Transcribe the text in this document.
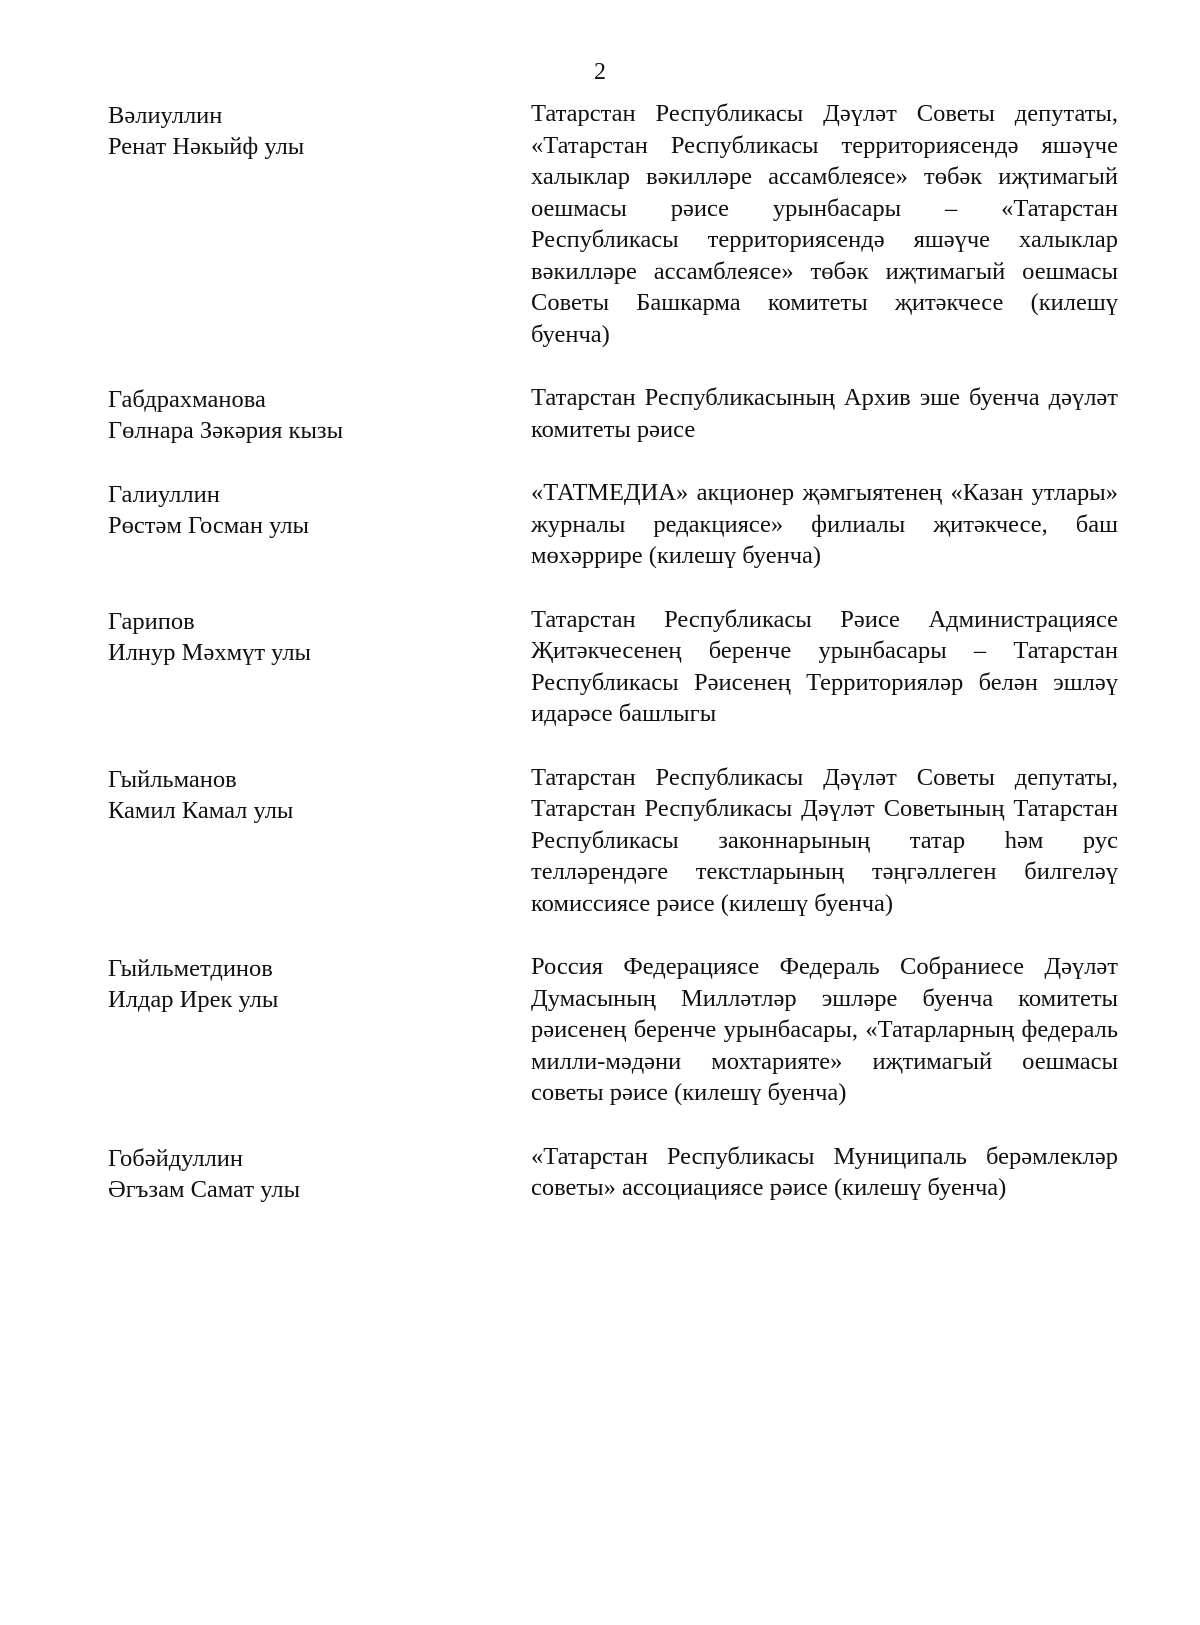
2
Вәлиуллин
Ренат Нәкыйф улы
Татарстан Республикасы Дәүләт Советы депутаты, «Татарстан Республикасы территориясендә яшәүче халыклар вәкилләре ассамблеясе» төбәк иҗтимагый оешмасы рәисе урынбасары – «Татарстан Республикасы территориясендә яшәүче халыклар вәкилләре ассамблеясе» төбәк иҗтимагый оешмасы Советы Башкарма комитеты җитәкчесе (килешү буенча)
Габдрахманова
Гөлнара Зәкәрия кызы
Татарстан Республикасының Архив эше буенча дәүләт комитеты рәисе
Галиуллин
Рөстәм Госман улы
«ТАТМЕДИА» акционер җәмгыятенең «Казан утлары» журналы редакциясе» филиалы җитәкчесе, баш мөхәррире (килешү буенча)
Гарипов
Илнур Мәхмүт улы
Татарстан Республикасы Рәисе Администрациясе Җитәкчесенең беренче урынбасары – Татарстан Республикасы Рәисенең Территорияләр белән эшләү идарәсе башлыгы
Гыйльманов
Камил Камал улы
Татарстан Республикасы Дәүләт Советы депутаты, Татарстан Республикасы Дәүләт Советының Татарстан Республикасы законнарының татар һәм рус телләрендәге текстларының тәңгәллеген билгеләү комиссиясе рәисе (килешү буенча)
Гыйльметдинов
Илдар Ирек улы
Россия Федерациясе Федераль Собраниесе Дәүләт Думасының Милләтләр эшләре буенча комитеты рәисенең беренче урынбасары, «Татарларның федераль милли-мәдәни мохтарияте» иҗтимагый оешмасы советы рәисе (килешү буенча)
Гобәйдуллин
Әгъзам Самат улы
«Татарстан Республикасы Муниципаль берәмлекләр советы» ассоциациясе рәисе (килешү буенча)
